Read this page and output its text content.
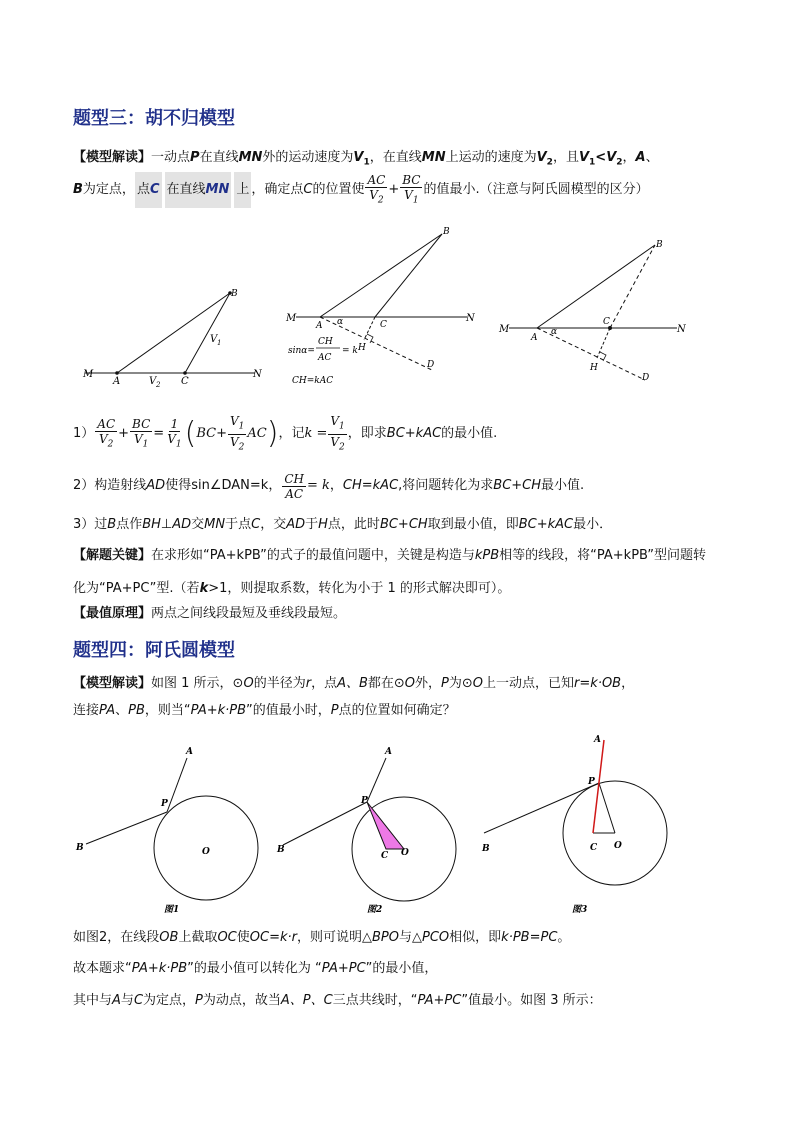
题型三：胡不归模型
【模型解读】一动点P在直线MN外的运动速度为$V_1$，在直线MN上运动的速度为$V_2$，且$V_1<V_2$，A、
B 为定点， 点C 在直线MN 上 ，确定点 C 的位置使 $\frac{AC}{V_2} + \frac{BC}{V_1}$ 的值最小.（注意与阿氏圆模型的区分）
M	N
A	C
B
V 1
V 2
M	N
A	C
B
H
D
α
sinα=
CH
AC
= k
CH=kAC
M	N
A
C
B
H
D
α
$1) \frac{AC}{V_2} + \frac{BC}{V_1} = \frac{1}{V_1}$ ( BC + $\frac{V_1}{V_2}$ AC ) ，记 $k = \frac{V_1}{V_2}$ ，即求 BC+kAC 的最小值.
2）构造射线 AD 使得 sin∠DAN=k ， $\frac{CH}{AC} = k$ ， CH=kAC ,将问题转化为求 BC+CH 最小值.
3）过B点作BH⊥AD交MN于点C，交AD于H点，此时BC+CH取到最小值，即BC+kAC最小．
【解题关键】在求形如“PA+kPB”的式子的最值问题中，关键是构造与kPB相等的线段，将“PA+kPB”型问题转
化为“PA+PC”型.（若k>1，则提取系数，转化为小于 1 的形式解决即可）。
【最值原理】两点之间线段最短及垂线段最短。
题型四：阿氏圆模型
【模型解读】如图 1 所示，⊙O的半径为r，点A、B都在⊙O外，P为⊙O上一动点，已知r=k·OB，
连接PA、PB，则当“PA+k·PB”的值最小时，P点的位置如何确定？
B
P
A
O
图1
B
P
A
C O
图2
B
P
A
C O
图3
如图2，在线段OB上截取OC使OC=k·r，则可说明△BPO与△PCO相似，即k·PB=PC。
故本题求“PA+k·PB”的最小值可以转化为 “PA+PC”的最小值，
其中与A与C为定点，P为动点，故当A、P、C三点共线时，“PA+PC”值最小。如图 3 所示：
